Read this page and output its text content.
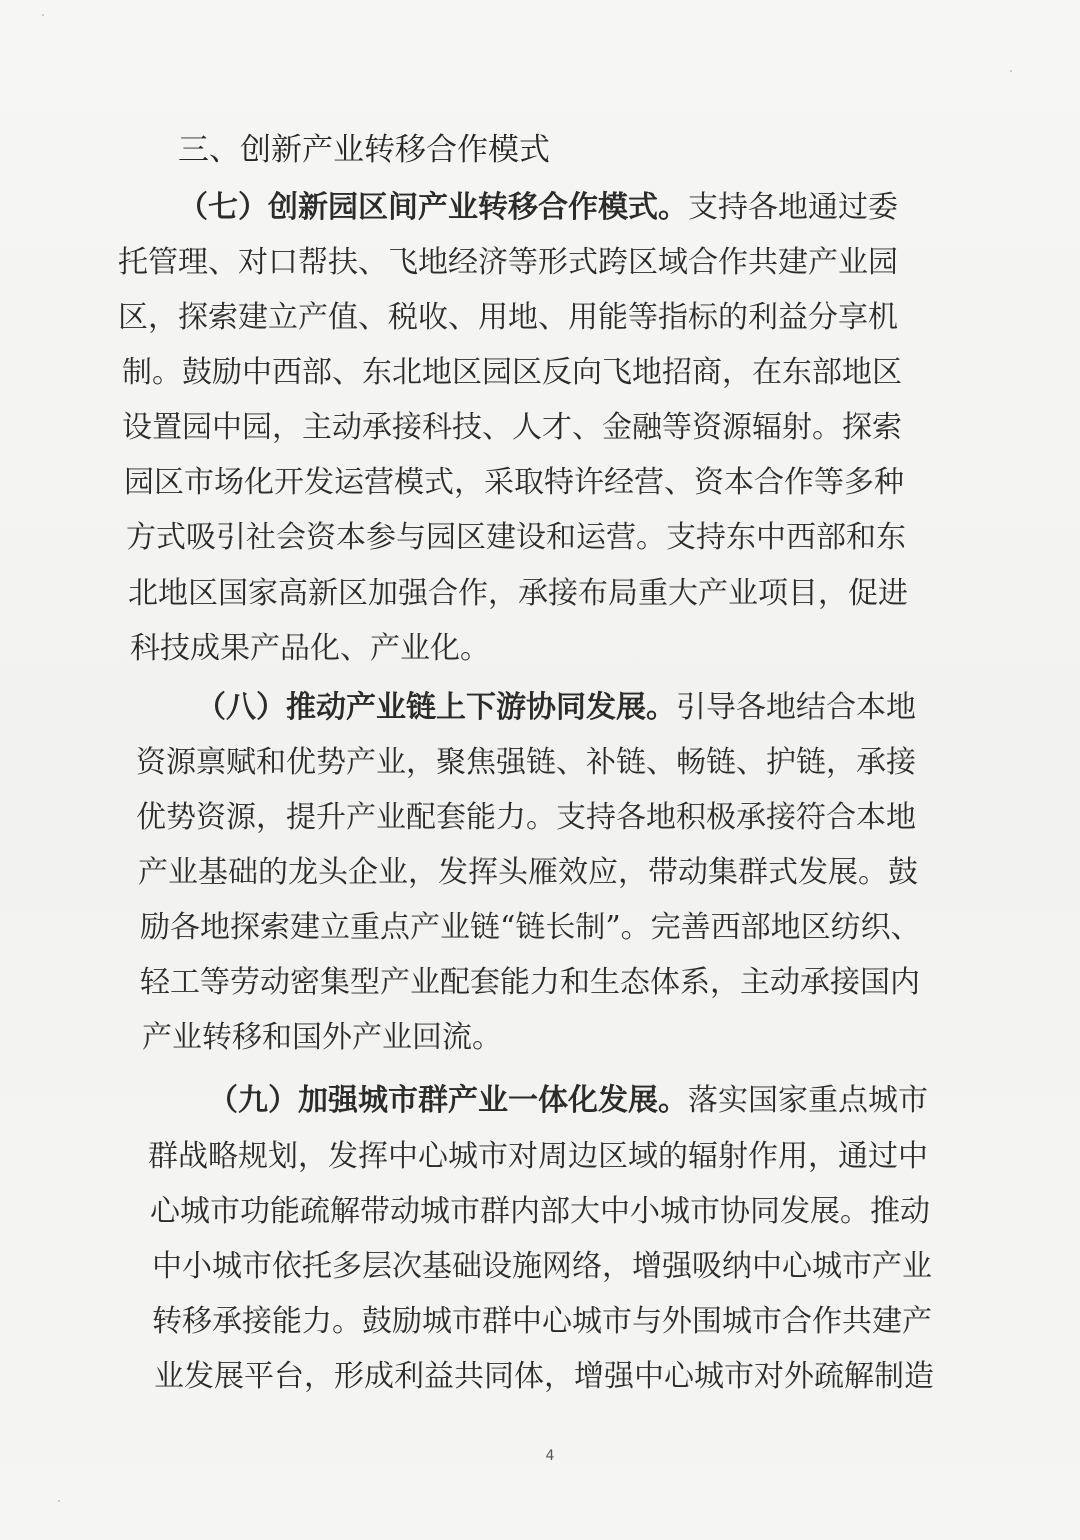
三、创新产业转移合作模式
（七）创新园区间产业转移合作模式。支持各地通过委
托管理、对口帮扶、飞地经济等形式跨区域合作共建产业园
区，探索建立产值、税收、用地、用能等指标的利益分享机
制。鼓励中西部、东北地区园区反向飞地招商，在东部地区
设置园中园，主动承接科技、人才、金融等资源辐射。探索
园区市场化开发运营模式，采取特许经营、资本合作等多种
方式吸引社会资本参与园区建设和运营。支持东中西部和东
北地区国家高新区加强合作，承接布局重大产业项目，促进
科技成果产品化、产业化。
（八）推动产业链上下游协同发展。引导各地结合本地
资源禀赋和优势产业，聚焦强链、补链、畅链、护链，承接
优势资源，提升产业配套能力。支持各地积极承接符合本地
产业基础的龙头企业，发挥头雁效应，带动集群式发展。鼓
励各地探索建立重点产业链“链长制”。完善西部地区纺织、
轻工等劳动密集型产业配套能力和生态体系，主动承接国内
产业转移和国外产业回流。
（九）加强城市群产业一体化发展。落实国家重点城市
群战略规划，发挥中心城市对周边区域的辐射作用，通过中
心城市功能疏解带动城市群内部大中小城市协同发展。推动
中小城市依托多层次基础设施网络，增强吸纳中心城市产业
转移承接能力。鼓励城市群中心城市与外围城市合作共建产
业发展平台，形成利益共同体，增强中心城市对外疏解制造
4
